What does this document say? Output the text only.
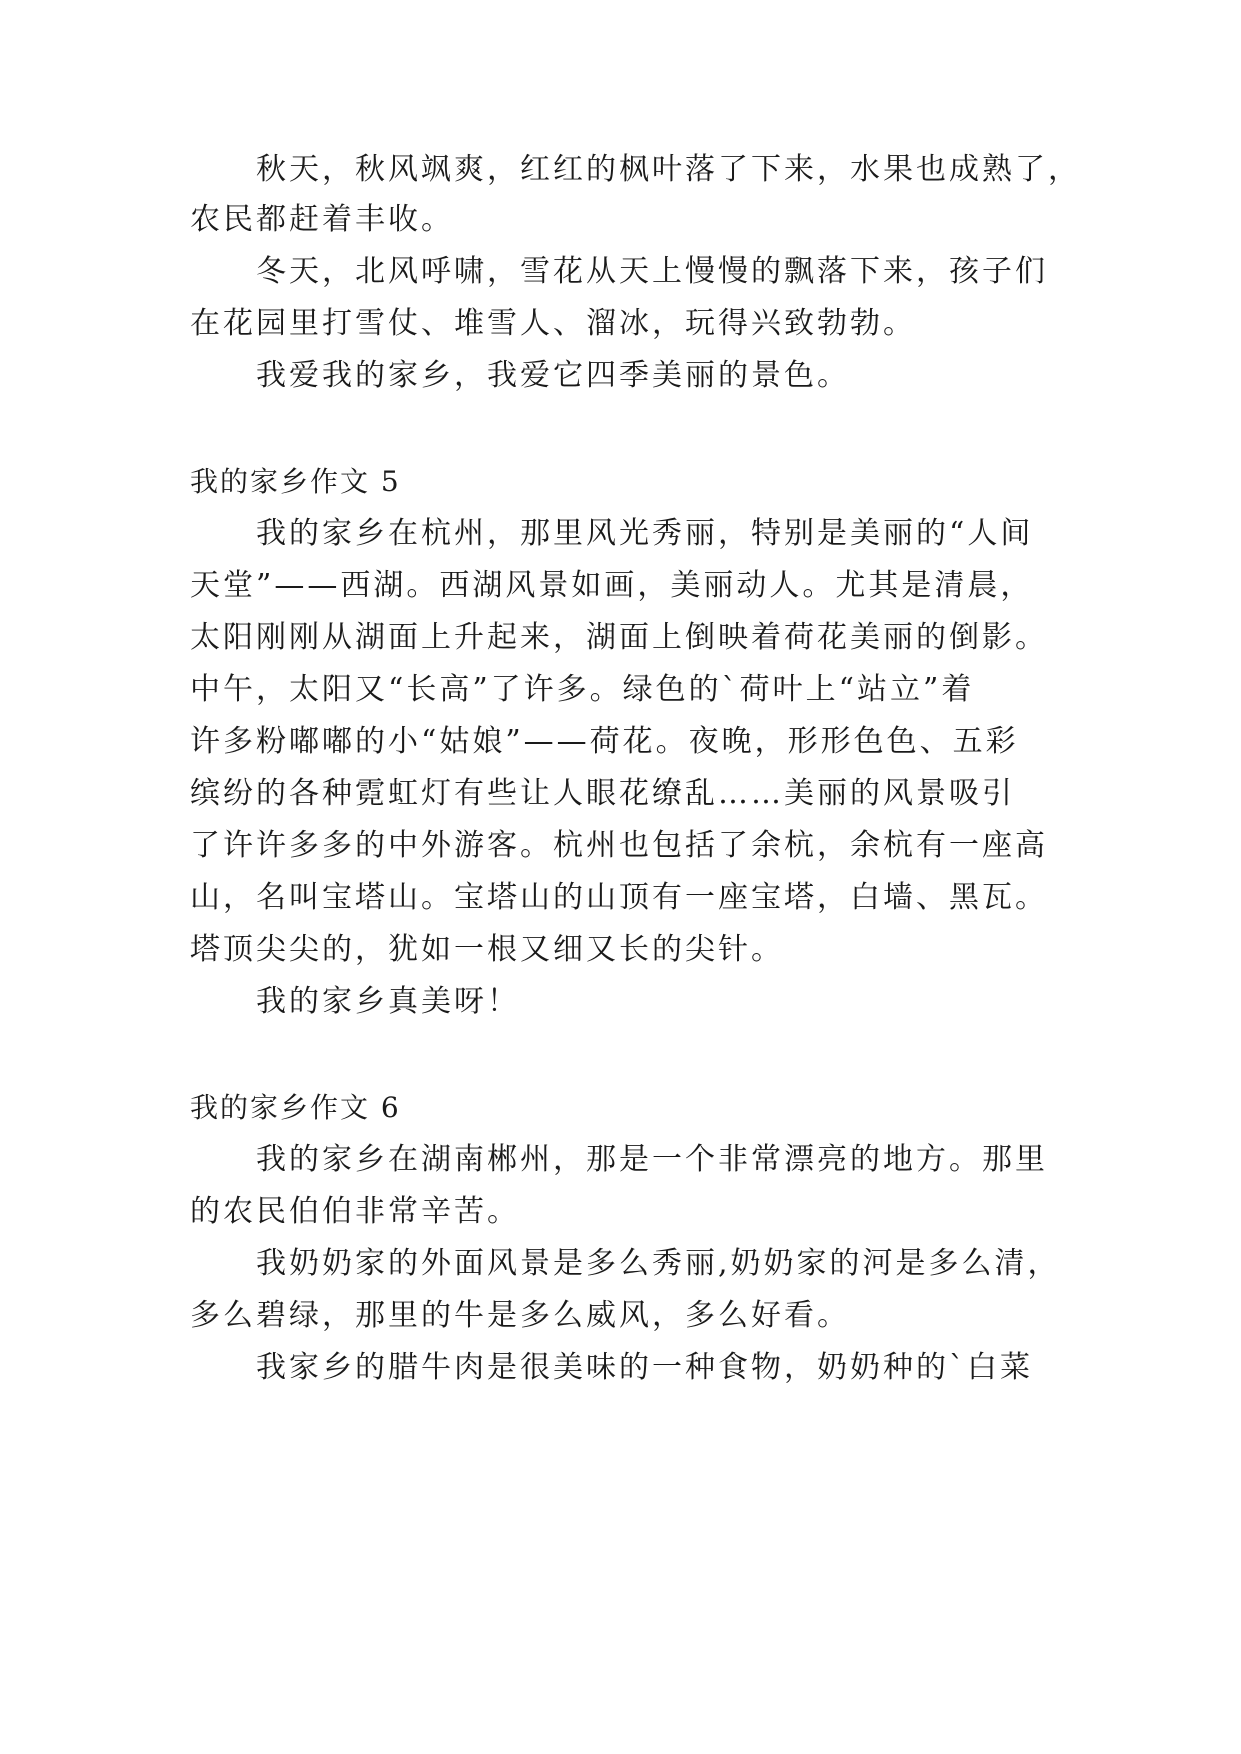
秋天，秋风飒爽，红红的枫叶落了下来，水果也成熟了，
农民都赶着丰收。
冬天，北风呼啸，雪花从天上慢慢的飘落下来，孩子们
在花园里打雪仗、堆雪人、溜冰，玩得兴致勃勃。
我爱我的家乡，我爱它四季美丽的景色。
我的家乡作文 5
我的家乡在杭州，那里风光秀丽，特别是美丽的“人间
天堂”——西湖。西湖风景如画，美丽动人。尤其是清晨，
太阳刚刚从湖面上升起来，湖面上倒映着荷花美丽的倒影。
中午，太阳又“长高”了许多。绿色的`荷叶上“站立”着
许多粉嘟嘟的小“姑娘”——荷花。夜晚，形形色色、五彩
缤纷的各种霓虹灯有些让人眼花缭乱……美丽的风景吸引
了许许多多的中外游客。杭州也包括了余杭，余杭有一座高
山，名叫宝塔山。宝塔山的山顶有一座宝塔，白墙、黑瓦。
塔顶尖尖的，犹如一根又细又长的尖针。
我的家乡真美呀！
我的家乡作文 6
我的家乡在湖南郴州，那是一个非常漂亮的地方。那里
的农民伯伯非常辛苦。
我奶奶家的外面风景是多么秀丽,奶奶家的河是多么清，
多么碧绿，那里的牛是多么威风，多么好看。
我家乡的腊牛肉是很美味的一种食物，奶奶种的`白菜
